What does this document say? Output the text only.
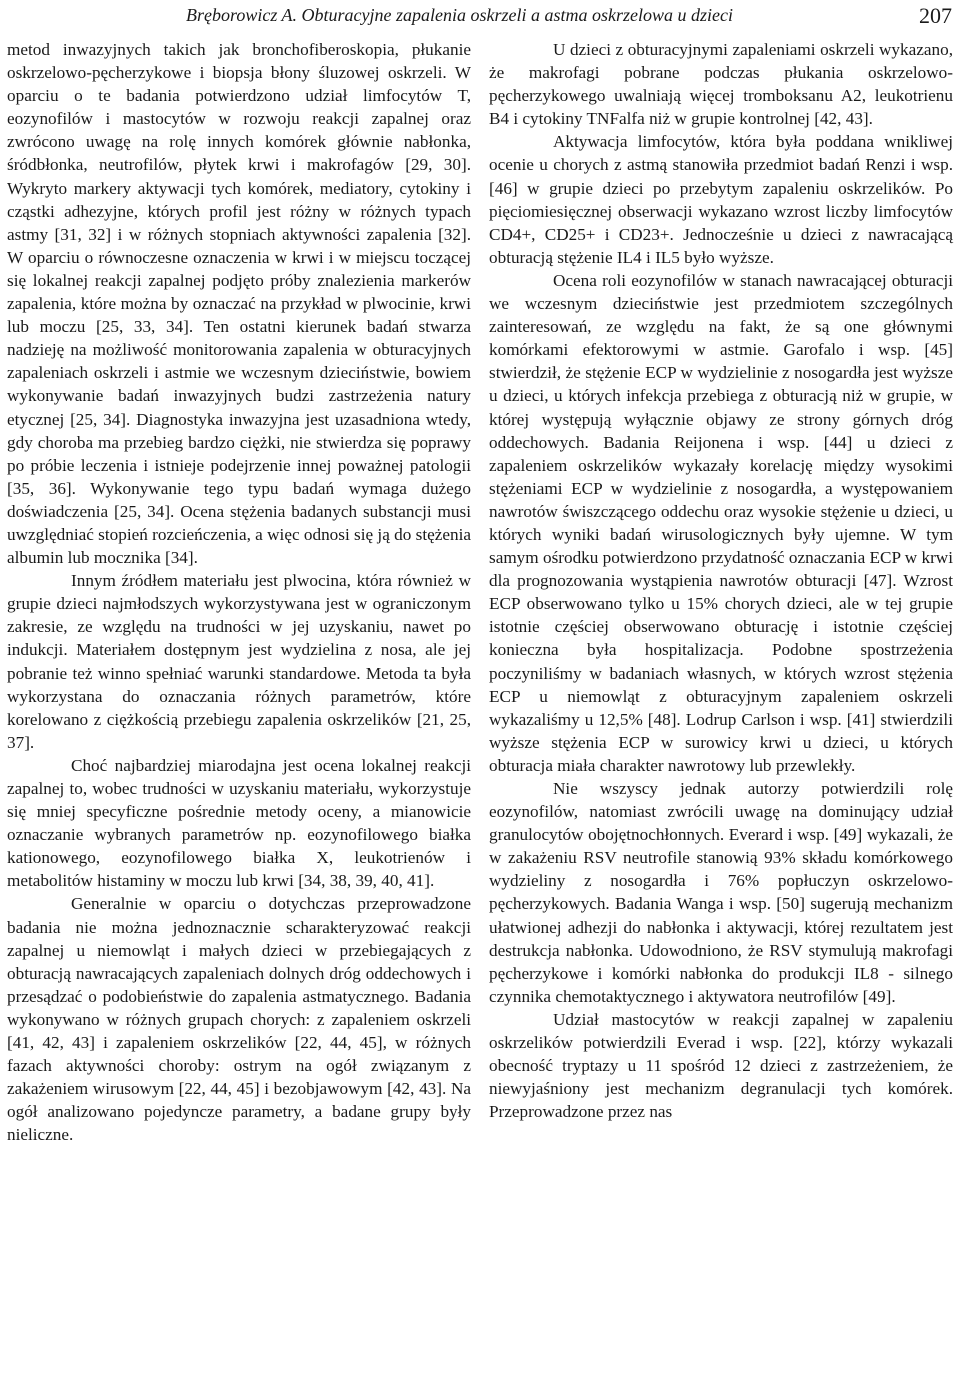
Bręborowicz A. Obturacyjne zapalenia oskrzeli a astma oskrzelowa u dzieci	207

metod inwazyjnych takich jak bronchofiberoskopia, płukanie oskrzelowo-pęcherzykowe i biopsja błony śluzowej oskrzeli. W oparciu o te badania potwierdzono udział limfocytów T, eozynofilów i mastocytów w rozwoju reakcji zapalnej oraz zwrócono uwagę na rolę innych komórek głównie nabłonka, śródbłonka, neutrofilów, płytek krwi i makrofagów [29, 30]. Wykryto markery aktywacji tych komórek, mediatory, cytokiny i cząstki adhezyjne, których profil jest różny w różnych typach astmy [31, 32] i w różnych stopniach aktywności zapalenia [32]. W oparciu o równoczesne oznaczenia w krwi i w miejscu toczącej się lokalnej reakcji zapalnej podjęto próby znalezienia markerów zapalenia, które można by oznaczać na przykład w plwocinie, krwi lub moczu [25, 33, 34]. Ten ostatni kierunek badań stwarza nadzieję na możliwość monitorowania zapalenia w obturacyjnych zapaleniach oskrzeli i astmie we wczesnym dzieciństwie, bowiem wykonywanie badań inwazyjnych budzi zastrzeżenia natury etycznej [25, 34]. Diagnostyka inwazyjna jest uzasadniona wtedy, gdy choroba ma przebieg bardzo ciężki, nie stwierdza się poprawy po próbie leczenia i istnieje podejrzenie innej poważnej patologii [35, 36]. Wykonywanie tego typu badań wymaga dużego doświadczenia [25, 34]. Ocena stężenia badanych substancji musi uwzględniać stopień rozcieńczenia, a więc odnosi się ją do stężenia albumin lub mocznika [34].

Innym źródłem materiału jest plwocina, która również w grupie dzieci najmłodszych wykorzystywana jest w ograniczonym zakresie, ze względu na trudności w jej uzyskaniu, nawet po indukcji. Materiałem dostępnym jest wydzielina z nosa, ale jej pobranie też winno spełniać warunki standardowe. Metoda ta była wykorzystana do oznaczania różnych parametrów, które korelowano z ciężkością przebiegu zapalenia oskrzelików [21, 25, 37].

Choć najbardziej miarodajna jest ocena lokalnej reakcji zapalnej to, wobec trudności w uzyskaniu materiału, wykorzystuje się mniej specyficzne pośrednie metody oceny, a mianowicie oznaczanie wybranych parametrów np. eozynofilowego białka kationowego, eozynofilowego białka X, leukotrienów i metabolitów histaminy w moczu lub krwi [34, 38, 39, 40, 41].

Generalnie w oparciu o dotychczas przeprowadzone badania nie można jednoznacznie scharakteryzować reakcji zapalnej u niemowląt i małych dzieci w przebiegających z obturacją nawracających zapaleniach dolnych dróg oddechowych i przesądzać o podobieństwie do zapalenia astmatycznego. Badania wykonywano w różnych grupach chorych: z zapaleniem oskrzeli [41, 42, 43] i zapaleniem oskrzelików [22, 44, 45], w różnych fazach aktywności choroby: ostrym na ogół związanym z zakażeniem wirusowym [22, 44, 45] i bezobjawowym [42, 43]. Na ogół analizowano pojedyncze parametry, a badane grupy były nieliczne.

U dzieci z obturacyjnymi zapaleniami oskrzeli wykazano, że makrofagi pobrane podczas płukania oskrzelowo-pęcherzykowego uwalniają więcej tromboksanu A2, leukotrienu B4 i cytokiny TNFalfa niż w grupie kontrolnej [42, 43].

Aktywacja limfocytów, która była poddana wnikliwej ocenie u chorych z astmą stanowiła przedmiot badań Renzi i wsp. [46] w grupie dzieci po przebytym zapaleniu oskrzelików. Po pięciomiesięcznej obserwacji wykazano wzrost liczby limfocytów CD4+, CD25+ i CD23+. Jednocześnie u dzieci z nawracającą obturacją stężenie IL4 i IL5 było wyższe.

Ocena roli eozynofilów w stanach nawracającej obturacji we wczesnym dzieciństwie jest przedmiotem szczególnych zainteresowań, ze względu na fakt, że są one głównymi komórkami efektorowymi w astmie. Garofalo i wsp. [45] stwierdził, że stężenie ECP w wydzielinie z nosogardła jest wyższe u dzieci, u których infekcja przebiega z obturacją niż w grupie, w której występują wyłącznie objawy ze strony górnych dróg oddechowych. Badania Reijonena i wsp. [44] u dzieci z zapaleniem oskrzelików wykazały korelację między wysokimi stężeniami ECP w wydzielinie z nosogardła, a występowaniem nawrotów świszczącego oddechu oraz wysokie stężenie u dzieci, u których wyniki badań wirusologicznych były ujemne. W tym samym ośrodku potwierdzono przydatność oznaczania ECP w krwi dla prognozowania wystąpienia nawrotów obturacji [47]. Wzrost ECP obserwowano tylko u 15% chorych dzieci, ale w tej grupie istotnie częściej obserwowano obturację i istotnie częściej konieczna była hospitalizacja. Podobne spostrzeżenia poczyniliśmy w badaniach własnych, w których wzrost stężenia ECP u niemowląt z obturacyjnym zapaleniem oskrzeli wykazaliśmy u 12,5% [48]. Lodrup Carlson i wsp. [41] stwierdzili wyższe stężenia ECP w surowicy krwi u dzieci, u których obturacja miała charakter nawrotowy lub przewlekły.

Nie wszyscy jednak autorzy potwierdzili rolę eozynofilów, natomiast zwrócili uwagę na dominujący udział granulocytów obojętnochłonnych. Everard i wsp. [49] wykazali, że w zakażeniu RSV neutrofile stanowią 93% składu komórkowego wydzieliny z nosogardła i 76% popłuczyn oskrzelowo-pęcherzykowych. Badania Wanga i wsp. [50] sugerują mechanizm ułatwionej adhezji do nabłonka i aktywacji, której rezultatem jest destrukcja nabłonka. Udowodniono, że RSV stymulują makrofagi pęcherzykowe i komórki nabłonka do produkcji IL8 - silnego czynnika chemotaktycznego i aktywatora neutrofilów [49].

Udział mastocytów w reakcji zapalnej w zapaleniu oskrzelików potwierdzili Everad i wsp. [22], którzy wykazali obecność tryptazy u 11 spośród 12 dzieci z zastrzeżeniem, że niewyjaśniony jest mechanizm degranulacji tych komórek. Przeprowadzone przez nas
